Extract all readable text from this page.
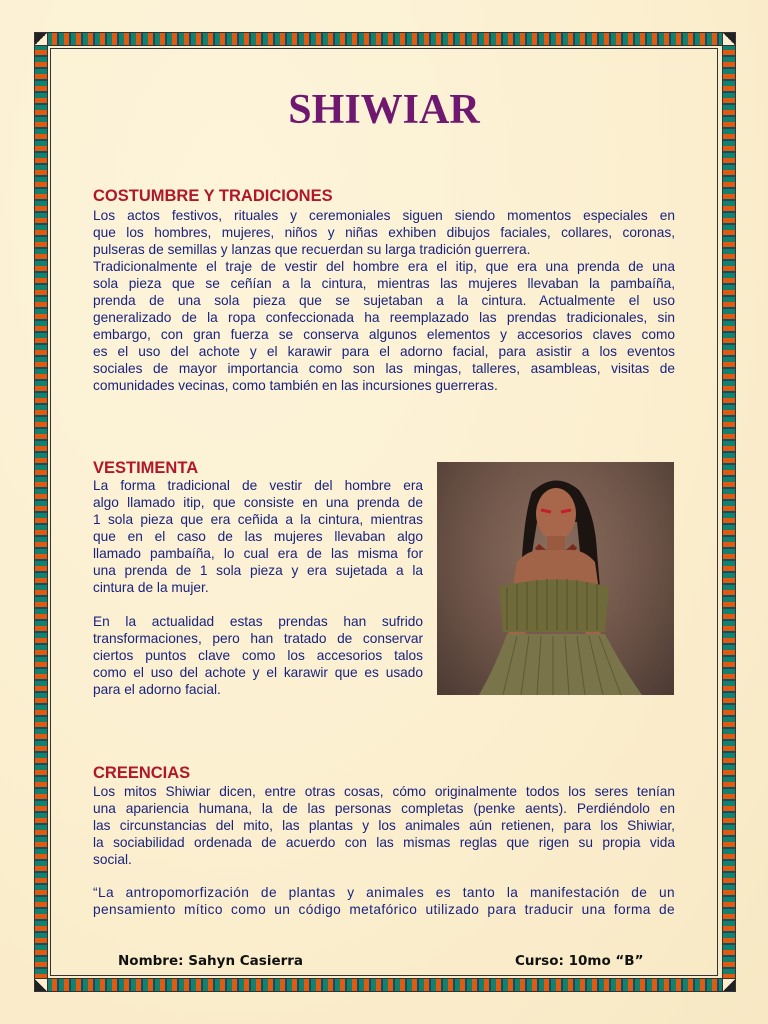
SHIWIAR
COSTUMBRE Y TRADICIONES
Los actos festivos, rituales y ceremoniales siguen siendo momentos especiales en
que los hombres, mujeres, niños y niñas exhiben dibujos faciales, collares, coronas,
pulseras de semillas y lanzas que recuerdan su larga tradición guerrera.
Tradicionalmente el traje de vestir del hombre era el itip, que era una prenda de una
sola pieza que se ceñían a la cintura, mientras las mujeres llevaban la pambaíña,
prenda de una sola pieza que se sujetaban a la cintura. Actualmente el uso
generalizado de la ropa confeccionada ha reemplazado las prendas tradicionales, sin
embargo, con gran fuerza se conserva algunos elementos y accesorios claves como
es el uso del achote y el karawir para el adorno facial, para asistir a los eventos
sociales de mayor importancia como son las mingas, talleres, asambleas, visitas de
comunidades vecinas, como también en las incursiones guerreras.
VESTIMENTA
La forma tradicional de vestir del hombre era
algo llamado itip, que consiste en una prenda de
1 sola pieza que era ceñida a la cintura, mientras
que en el caso de las mujeres llevaban algo
llamado pambaíña, lo cual era de las misma for
una prenda de 1 sola pieza y era sujetada a la
cintura de la mujer.
En la actualidad estas prendas han sufrido
transformaciones, pero han tratado de conservar
ciertos puntos clave como los accesorios talos
como el uso del achote y el karawir que es usado
para el adorno facial.
CREENCIAS
Los mitos Shiwiar dicen, entre otras cosas, cómo originalmente todos los seres tenían
una apariencia humana, la de las personas completas (penke aents). Perdiéndolo en
las circunstancias del mito, las plantas y los animales aún retienen, para los Shiwiar,
la sociabilidad ordenada de acuerdo con las mismas reglas que rigen su propia vida
social.
“La antropomorfización de plantas y animales es tanto la manifestación de un
pensamiento mítico como un código metafórico utilizado para traducir una forma de
Nombre: Sahyn Casierra	Curso: 10mo “B”
